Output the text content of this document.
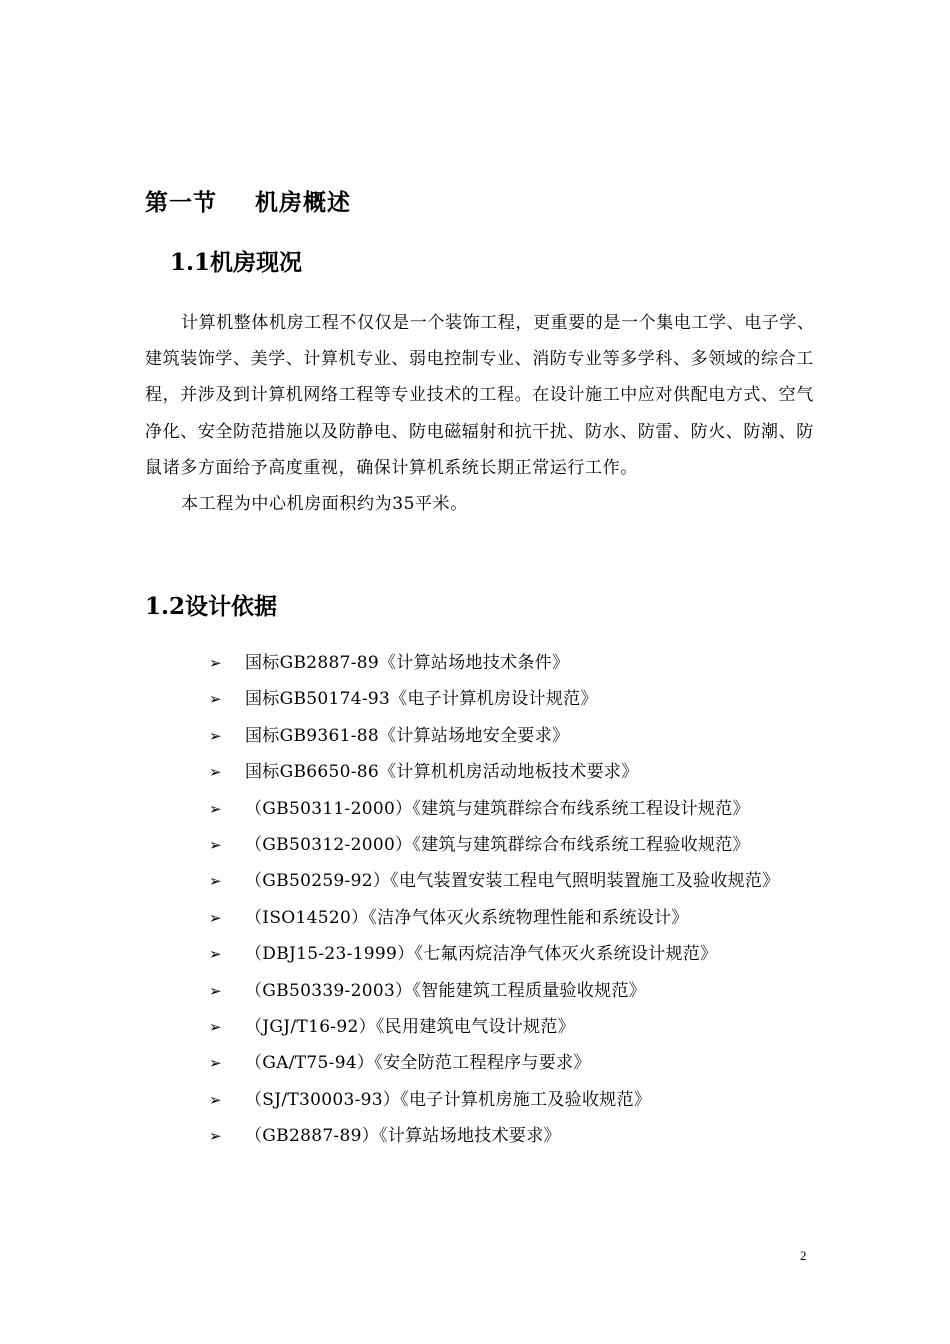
第一节 机房概述
1.1机房现况

计算机整体机房工程不仅仅是一个装饰工程，更重要的是一个集电工学、电子学、建筑装饰学、美学、计算机专业、弱电控制专业、消防专业等多学科、多领域的综合工程，并涉及到计算机网络工程等专业技术的工程。在设计施工中应对供配电方式、空气净化、安全防范措施以及防静电、防电磁辐射和抗干扰、防水、防雷、防火、防潮、防鼠诸多方面给予高度重视，确保计算机系统长期正常运行工作。

本工程为中心机房面积约为35平米。

1.2设计依据
➢ 国标GB2887-89《计算站场地技术条件》
➢ 国标GB50174-93《电子计算机房设计规范》
➢ 国标GB9361-88《计算站场地安全要求》
➢ 国标GB6650-86《计算机机房活动地板技术要求》
➢ （GB50311-2000）《建筑与建筑群综合布线系统工程设计规范》
➢ （GB50312-2000）《建筑与建筑群综合布线系统工程验收规范》
➢ （GB50259-92）《电气装置安装工程电气照明装置施工及验收规范》
➢ （ISO14520）《洁净气体灭火系统物理性能和系统设计》
➢ （DBJ15-23-1999）《七氟丙烷洁净气体灭火系统设计规范》
➢ （GB50339-2003）《智能建筑工程质量验收规范》
➢ （JGJ/T16-92）《民用建筑电气设计规范》
➢ （GA/T75-94）《安全防范工程程序与要求》
➢ （SJ/T30003-93）《电子计算机房施工及验收规范》
➢ （GB2887-89）《计算站场地技术要求》
2
